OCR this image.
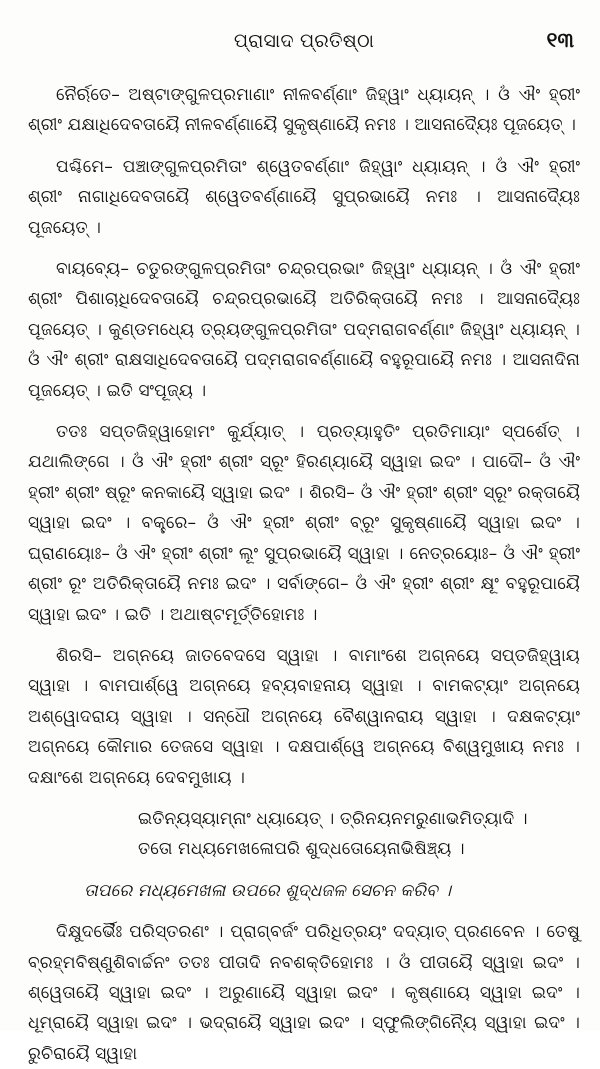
ପ୍ରାସାଦ ପ୍ରତିଷ୍ଠା	୧୩

ନୈର୍ଋତେ– ଅଷ୍ଟାଙ୍ଗୁଳପ୍ରମାଣାଂ ନୀଳବର୍ଣ୍ଣାଂ ଜିହ୍ୱାଂ ଧ୍ୟାୟନ୍ । ଓଁ ଐଂ ହ୍ରୀଂ ଶ୍ରୀଂ ଯକ୍ଷାଧିଦେବତାୟୈ ନୀଳବର୍ଣ୍ଣାୟୈ ସୁକୃଷ୍ଣାୟୈ ନମଃ । ଆସନାଦ୍ୟୈଃ ପୂଜୟେତ୍ ।

ପଶ୍ଚିମେ– ପଞ୍ଚାଙ୍ଗୁଳପ୍ରମିତାଂ ଶ୍ୱେତବର୍ଣ୍ଣାଂ ଜିହ୍ୱାଂ ଧ୍ୟାୟନ୍ । ଓଁ ଐଂ ହ୍ରୀଂ ଶ୍ରୀଂ ନାଗାଧିଦେବତାୟୈ ଶ୍ୱେତବର୍ଣ୍ଣାୟୈ ସୁପ୍ରଭାୟୈ ନମଃ । ଆସନାଦ୍ୟୈଃ ପୂଜୟେତ୍ ।

ବାୟବ୍ୟେ– ଚତୁରଙ୍ଗୁଳପ୍ରମିତାଂ ଚନ୍ଦ୍ରପ୍ରଭାଂ ଜିହ୍ୱାଂ ଧ୍ୟାୟନ୍ । ଓଁ ଐଂ ହ୍ରୀଂ ଶ୍ରୀଂ ପିଶାଚାଧିଦେବତାୟୈ ଚନ୍ଦ୍ରପ୍ରଭାୟୈ ଅତିରିକ୍ତାୟୈ ନମଃ । ଆସନାଦ୍ୟୈଃ ପୂଜୟେତ୍ । କୁଣ୍ଡମଧ୍ୟେ ତ୍ର୍ୟଙ୍ଗୁଳପ୍ରମିତାଂ ପଦ୍ମରାଗବର୍ଣ୍ଣାଂ ଜିହ୍ୱାଂ ଧ୍ୟାୟନ୍ । ଓଁ ଐଂ ଶ୍ରୀଂ ରାକ୍ଷସାଧିଦେବତାୟୈ ପଦ୍ମରାଗବର୍ଣ୍ଣାୟୈ ବହୁରୂପାୟୈ ନମଃ । ଆସନାଦିନା ପୂଜୟେତ୍ । ଇତି ସଂପୂଜ୍ୟ ।

ତତଃ ସପ୍ତଜିହ୍ୱାହୋମଂ କୁର୍ଯ୍ୟାତ୍ । ପ୍ରତ୍ୟାହୁତିଂ ପ୍ରତିମାୟାଂ ସ୍ପର୍ଶେତ୍ । ଯଥାଲିଙ୍ଗେ । ଓଁ ଐଂ ହ୍ରୀଂ ଶ୍ରୀଂ ସ୍ରୂଂ ହିରଣ୍ୟାୟୈ ସ୍ୱାହା ଇଦଂ । ପାଦୌ– ଓଁ ଐଂ ହ୍ରୀଂ ଶ୍ରୀଂ ଷ୍ରୂଂ କନକାୟୈ ସ୍ୱାହା ଇଦଂ । ଶିରସି– ଓଁ ଐଂ ହ୍ରୀଂ ଶ୍ରୀଂ ସ୍ରୂଂ ରକ୍ତାୟୈ ସ୍ୱାହା ଇଦଂ । ବକ୍ତ୍ରେ– ଓଁ ଐଂ ହ୍ରୀଂ ଶ୍ରୀଂ ବ୍ରୂଂ ସୁକୃଷ୍ଣାୟୈ ସ୍ୱାହା ଇଦଂ । ଘ୍ରାଣୟୋଃ– ଓଁ ଐଂ ହ୍ରୀଂ ଶ୍ରୀଂ ଲୂଂ ସୁପ୍ରଭାୟୈ ସ୍ୱାହା । ନେତ୍ରୟୋଃ– ଓଁ ଐଂ ହ୍ରୀଂ ଶ୍ରୀଂ ରୂଂ ଅତିରିକ୍ତାୟୈ ନମଃ ଇଦଂ । ସର୍ବାଙ୍ଗେ– ଓଁ ଐଂ ହ୍ରୀଂ ଶ୍ରୀଂ କ୍ଷୂଂ ବହୁରୂପାୟୈ ସ୍ୱାହା ଇଦଂ । ଇତି । ଅଥାଷ୍ଟମୂର୍ତ୍ତିହୋମଃ ।

ଶିରସି– ଅଗ୍ନୟେ ଜାତବେଦସେ ସ୍ୱାହା । ବାମାଂଶେ ଅଗ୍ନୟେ ସପ୍ତଜିହ୍ୱାୟ ସ୍ୱାହା । ବାମପାର୍ଶ୍ୱେ ଅଗ୍ନୟେ ହବ୍ୟବାହନାୟ ସ୍ୱାହା । ବାମକଟ୍ୟାଂ ଅଗ୍ନୟେ ଅଶ୍ୱୋଦରାୟ ସ୍ୱାହା । ସନ୍ଧୌ ଅଗ୍ନୟେ ବୈଶ୍ୱାନରାୟ ସ୍ୱାହା । ଦକ୍ଷକଟ୍ୟାଂ ଅଗ୍ନୟେ କୌମାର ତେଜସେ ସ୍ୱାହା । ଦକ୍ଷପାର୍ଶ୍ୱେ ଅଗ୍ନୟେ ବିଶ୍ୱମୁଖାୟ ନମଃ । ଦକ୍ଷାଂଶେ ଅଗ୍ନୟେ ଦେବମୁଖାୟ ।

ଇତିନ୍ୟସ୍ୟାମ୍ନାଂ ଧ୍ୟାୟେତ୍ । ତ୍ରିନୟନମରୁଣାଭମିତ୍ୟାଦି ।
ତତୋ ମଧ୍ୟମେଖଳୋପରି ଶୁଦ୍ଧତୋୟେନାଭିଷିଞ୍ଚ୍ୟ ।

ତାପରେ ମଧ୍ୟମେଖଳା ଉପରେ ଶୁଦ୍ଧଜଳ ସେଚନ କରିବ ।

ଦିକ୍ଷୁଦର୍ଭୈଃ ପରିସ୍ତରଣଂ । ପ୍ରାଗ୍‌ବର୍ଜଂ ପରିଧିତ୍ରୟଂ ଦଦ୍ୟାତ୍ ପ୍ରଣବେନ । ତେଷୁ ବ୍ରହ୍ମବିଷ୍ଣୁଶିବାର୍ଚ୍ଚନଂ ତତଃ ପୀତାଦି ନବଶକ୍ତିହୋମଃ । ଓଁ ପୀତାୟୈ ସ୍ୱାହା ଇଦଂ । ଶ୍ୱେତାୟୈ ସ୍ୱାହା ଇଦଂ । ଅରୁଣାୟୈ ସ୍ୱାହା ଇଦଂ । କୃଷ୍ଣାୟେ ସ୍ୱାହା ଇଦଂ । ଧୂମ୍ରାୟୈ ସ୍ୱାହା ଇଦଂ । ଭଦ୍ରାୟୈ ସ୍ୱାହା ଇଦଂ । ସ୍ଫୁଲିଙ୍ଗିନ୍ୟୈ ସ୍ୱାହା ଇଦଂ । ରୁଚିରାୟୈ ସ୍ୱାହା
